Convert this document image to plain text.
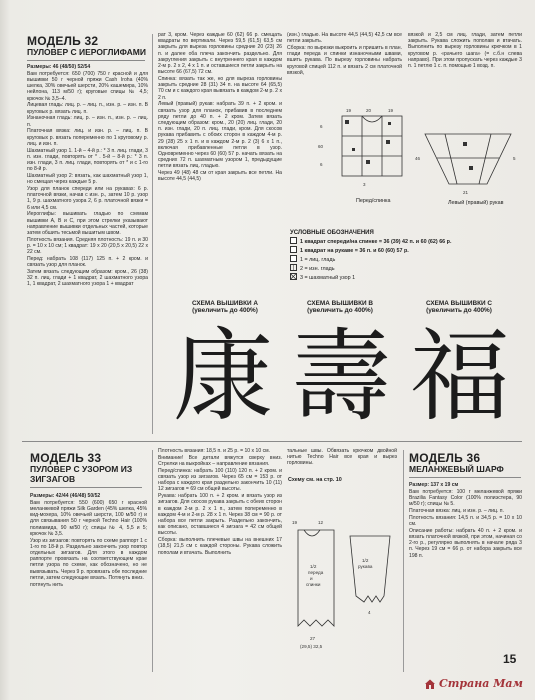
МОДЕЛЬ 32
ПУЛОВЕР С ИЕРОГЛИФАМИ

Размеры: 46 (48/50) 52/54

Вам потребуется: 650 (700) 750 г красной и для вышивки 50 г черной пряжи Cash Iroha (40% шелка, 30% овечьей шерсти, 20% кашемира, 10% нейлона, 113 м/50 г); круговые спицы № 4,5; крючок № 3,5–4.

Лицевая гладь: лиц. р. – лиц. п., изн. р. – изн. п. В круговых р. вязать лиц. п.

Изнаночная гладь: лиц. р. – изн. п., изн. р. – лиц. п.

Платочная вязка: лиц. и изн. р. – лиц. п. В круговых р. вязать попеременно по 1 круговому р. лиц. и изн. п.

Шахматный узор 1. 1-й – 4-й р.: * 3 п. лиц. глади, 3 п. изн. глади, повторять от * . 5-й – 8-й р.: * 3 п. изн. глади, 3 п. лиц. глади, повторять от * и с 1-го по 8-й р.

Шахматный узор 2: вязать, как шахматный узор 1, но смещая через каждые 5 р.

Узор для планок спереди или на рукавах: 6 р. платочной вязки, начав с изн. р., затем 10 р. узор 1, 9 р. шахматного узора 2, 6 р. платочной вязки = 6 или 4,5 см.

Иероглифы: вышивать гладью по схемам вышивки А, В и С, при этом стрелки указывают направление вышивки отдельных частей, которые затем обшить тесьмой вышитым швом.

Плотность вязания. Средняя плотность: 19 п. и 30 р. = 10 х 10 см; 1 квадрат: 19 х 20 (20,5 х 20,5) 22 х 22 см.

Перед: набрать 108 (117) 125 п. + 2 кром. и связать узор для планок.

Затем вязать следующим образом: кром., 26 (38) 32 п. лиц. глади + 1 квадрат, 2 шахматного узора 1, 1 квадрат, 2 шахматного узора 1 + квадрат

рат 3, кром. Через каждые 60 (62) 66 р. смещать квадраты по вертикали. Через 59,5 (61,5) 63,5 см закрыть для выреза горловины средние 20 (23) 26 п. и далее оба плеча закончить раздельно. Для закругления закрыть с внутреннего края в каждом 2-м р. 2 х 2, 4 х 1 п. и оставшиеся петли закрыть на высоте 66 (67,5) 72 см.

Спинка: вязать так же, но для выреза горловины закрыть средние 28 (31) 34 п. на высоте 64 (65,5) 70 см и с каждого края вывязать в каждом 2-м р. 2 х 2 п.

Левый (правый) рукав: набрать 39 п. + 2 кром. и связать узор для планок, прибавив в последнем ряду петли до 40 п. + 2 кром. Затем вязать следующим образом: кром., 20 (20) лиц. глади, 20 п. изн. глади, 20 п. лиц. глади, кром. Для скосов рукава прибавить с обоих сторон в каждом 4-м р. 29 (28) 25 х 1 п. и в каждом 2-м р. 2 (3) 6 х 1 п., включая прибавленные петли в узор. Одновременно через 60 (60) 57 р. начать вязать на средних 72 п. шахматным узором 1, предыдущие петли вязать лиц. гладью.

Через 49 (48) 48 см от края закрыть все петли. На высоте 44,5 (44,5)

(изн.) гладью. На высоте 44,5 (44,5) 42,5 см все петли закрыть.

Сборка: по вырезки выкроить и пришить в план. глади переда и спинки изнаночными швами, вшить рукава. По вырезу горловины набрать круговой спицей 112 п. и вязать 2 см платочной вязкой,

вязкой и 2,5 см лиц. глади, затем петли закрыть. Рукава сложить пополам и втачать. Выполнить по вырезу горловины крючком в 1 круговом р. «рачьего шага» (= с.б.н слева направо). При этом пропускать через каждые 3 п. 1 петлю 1 с. п. помощью 1 возд. п.

19	20	19
6
60
6
3
Перед/спинка
46	5
21
Левый (правый) рукав
УСЛОВНЫЕ ОБОЗНАЧЕНИЯ
1 квадрат спереди/на спинке = 36 (39) 42 п. и 60 (62) 66 р.
1 квадрат на рукаве = 36 п. и 60 (60) 57 р.
1 = лиц. гладь
2 = изн. гладь
3 = шахматный узор 1
СХЕМА ВЫШИВКИ А
(увеличить до 400%)
康
СХЕМА ВЫШИВКИ В
(увеличить до 400%)
壽
СХЕМА ВЫШИВКИ С
(увеличить до 400%)
福
МОДЕЛЬ 33
ПУЛОВЕР С УЗОРОМ ИЗ ЗИГЗАГОВ

Размеры: 42/44 (46/48) 50/52

Вам потребуется: 550 (600) 650 г красной меланжевой пряжи Silk Garden (45% шелка, 45% кид-мохера, 10% овечьей шерсти, 100 м/50 г) и для связывания 50 г черной Techno Hair (100% полиамида, 90 м/50 г); спицы № 4, 5,5 и 5; крючок № 3,5.

Узор из зигзагов: повторять по схеме раппорт 1 с 1-го по 18-й р. Раздельно закончить узор повтор отдельных зигзагов. Для этого в каждом раппорте провязать на соответствующем крае петли узора по схеме, как обозначено, но не вывязывать. Через 9 р. провязать обе последние петли, затем следующие вязать. Потянуть вниз.

потянуть нить

Плотность вязания: 18,5 п. и 25 р. = 10 х 10 см.

Внимание! Все детали вяжутся сверху вниз. Стрелки на выкройках – направление вязания.

Перед/спинка: набрать 100 (110) 120 п. + 2 кром. и связать узор из зигзагов. Через 65 см = 153 р. от набора с каждого края раздельно закончить 10 (11) 12 зигзагов = 69 см общей высоты.

Рукава: набрать 100 п. + 2 кром. и вязать узор из зигзагов. Для скосов рукава закрыть с обеих сторон в каждом 2-м р. 2 х 1 п., затем попеременно в каждом 4-м и 2-м р. 28 х 1 п. Через 38 см = 90 р. от набора все петли закрыть. Раздельно закончить, как описано, оставшиеся 4 зигзага = 42 см общей высоты.

Сборка: выполнить плечевые швы на внешних 17 (18,5) 21,5 см с каждой стороны. Рукава сложить пополам и втачать. Выполнить

тальные швы. Обвязать крючком двойной нитью Techno Hair все края и вырез горловины.

Схему см. на стр. 10
19	12
1/2
переда
и
спинки
1/2
рукава
27
(29,5) 32,5
4
МОДЕЛЬ 36
МЕЛАНЖЕВЫЙ ШАРФ

Размер: 137 х 19 см

Вам потребуется: 100 г меланжевой пряжи Brazilia Fantasy Color (100% полиэстера, 90 м/50 г); спицы № 5.

Платочная вязка: лиц. и изн. р. – лиц. п.

Плотность вязания: 14,5 п. и 34,5 р. = 10 х 10 см.

Описание работы: набрать 40 п. + 2 кром. и вязать платочной вязкой, при этом, начиная со 2-го р., регулярно выполнять в начале ряда 3 п. Через 19 см = 66 р. от набора закрыть все 198 п.

15
Страна Мам
